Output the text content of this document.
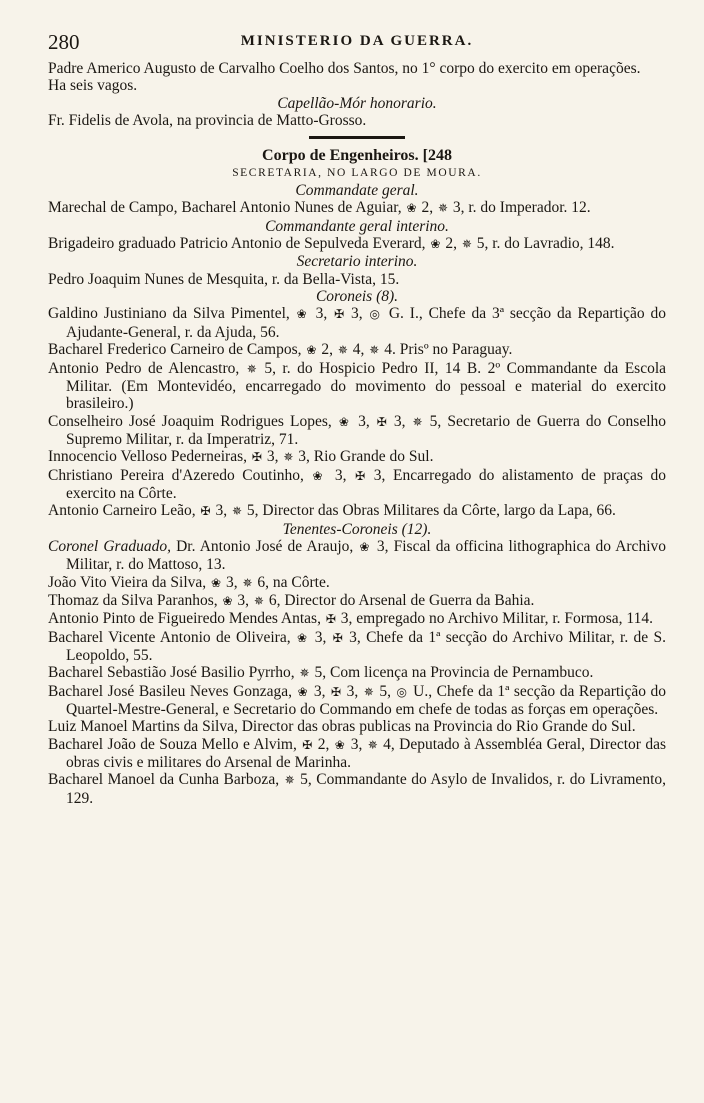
280	MINISTERIO DA GUERRA.
Padre Americo Augusto de Carvalho Coelho dos Santos, no 1° corpo do exercito em operações.
Ha seis vagos.
Capellão-Mór honorario.
Fr. Fidelis de Avola, na provincia de Matto-Grosso.
Corpo de Engenheiros. [248
SECRETARIA, NO LARGO DE MOURA.
Commandate geral.
Marechal de Campo, Bacharel Antonio Nunes de Aguiar, ❀ 2, ✵ 3, r. do Imperador. 12.
Commandante geral interino.
Brigadeiro graduado Patricio Antonio de Sepulveda Everard, ❀ 2, ✵ 5, r. do Lavradio, 148.
Secretario interino.
Pedro Joaquim Nunes de Mesquita, r. da Bella-Vista, 15.
Coroneis (8).
Galdino Justiniano da Silva Pimentel, ❀ 3, ✠ 3, ◎ G. I., Chefe da 3ª secção da Repartição do Ajudante-General, r. da Ajuda, 56.
Bacharel Frederico Carneiro de Campos, ❀ 2, ✵ 4, ✵ 4. Prisº no Paraguay.
Antonio Pedro de Alencastro, ✵ 5, r. do Hospicio Pedro II, 14 B. 2º Commandante da Escola Militar. (Em Montevidéo, encarregado do movimento do pessoal e material do exercito brasileiro.)
Conselheiro José Joaquim Rodrigues Lopes, ❀ 3, ✠ 3, ✵ 5, Secretario de Guerra do Conselho Supremo Militar, r. da Imperatriz, 71.
Innocencio Velloso Pederneiras, ✠ 3, ✵ 3, Rio Grande do Sul.
Christiano Pereira d'Azeredo Coutinho, ❀ 3, ✠ 3, Encarregado do alistamento de praças do exercito na Côrte.
Antonio Carneiro Leão, ✠ 3, ✵ 5, Director das Obras Militares da Côrte, largo da Lapa, 66.
Tenentes-Coroneis (12).
Coronel Graduado, Dr. Antonio José de Araujo, ❀ 3, Fiscal da officina lithographica do Archivo Militar, r. do Mattoso, 13.
João Vito Vieira da Silva, ❀ 3, ✵ 6, na Côrte.
Thomaz da Silva Paranhos, ❀ 3, ✵ 6, Director do Arsenal de Guerra da Bahia.
Antonio Pinto de Figueiredo Mendes Antas, ✠ 3, empregado no Archivo Militar, r. Formosa, 114.
Bacharel Vicente Antonio de Oliveira, ❀ 3, ✠ 3, Chefe da 1ª secção do Archivo Militar, r. de S. Leopoldo, 55.
Bacharel Sebastião José Basilio Pyrrho, ✵ 5, Com licença na Provincia de Pernambuco.
Bacharel José Basileu Neves Gonzaga, ❀ 3, ✠ 3, ✵ 5, ◎ U., Chefe da 1ª secção da Repartição do Quartel-Mestre-General, e Secretario do Commando em chefe de todas as forças em operações.
Luiz Manoel Martins da Silva, Director das obras publicas na Provincia do Rio Grande do Sul.
Bacharel João de Souza Mello e Alvim, ✠ 2, ❀ 3, ✵ 4, Deputado à Assembléa Geral, Director das obras civis e militares do Arsenal de Marinha.
Bacharel Manoel da Cunha Barboza, ✵ 5, Commandante do Asylo de Invalidos, r. do Livramento, 129.
